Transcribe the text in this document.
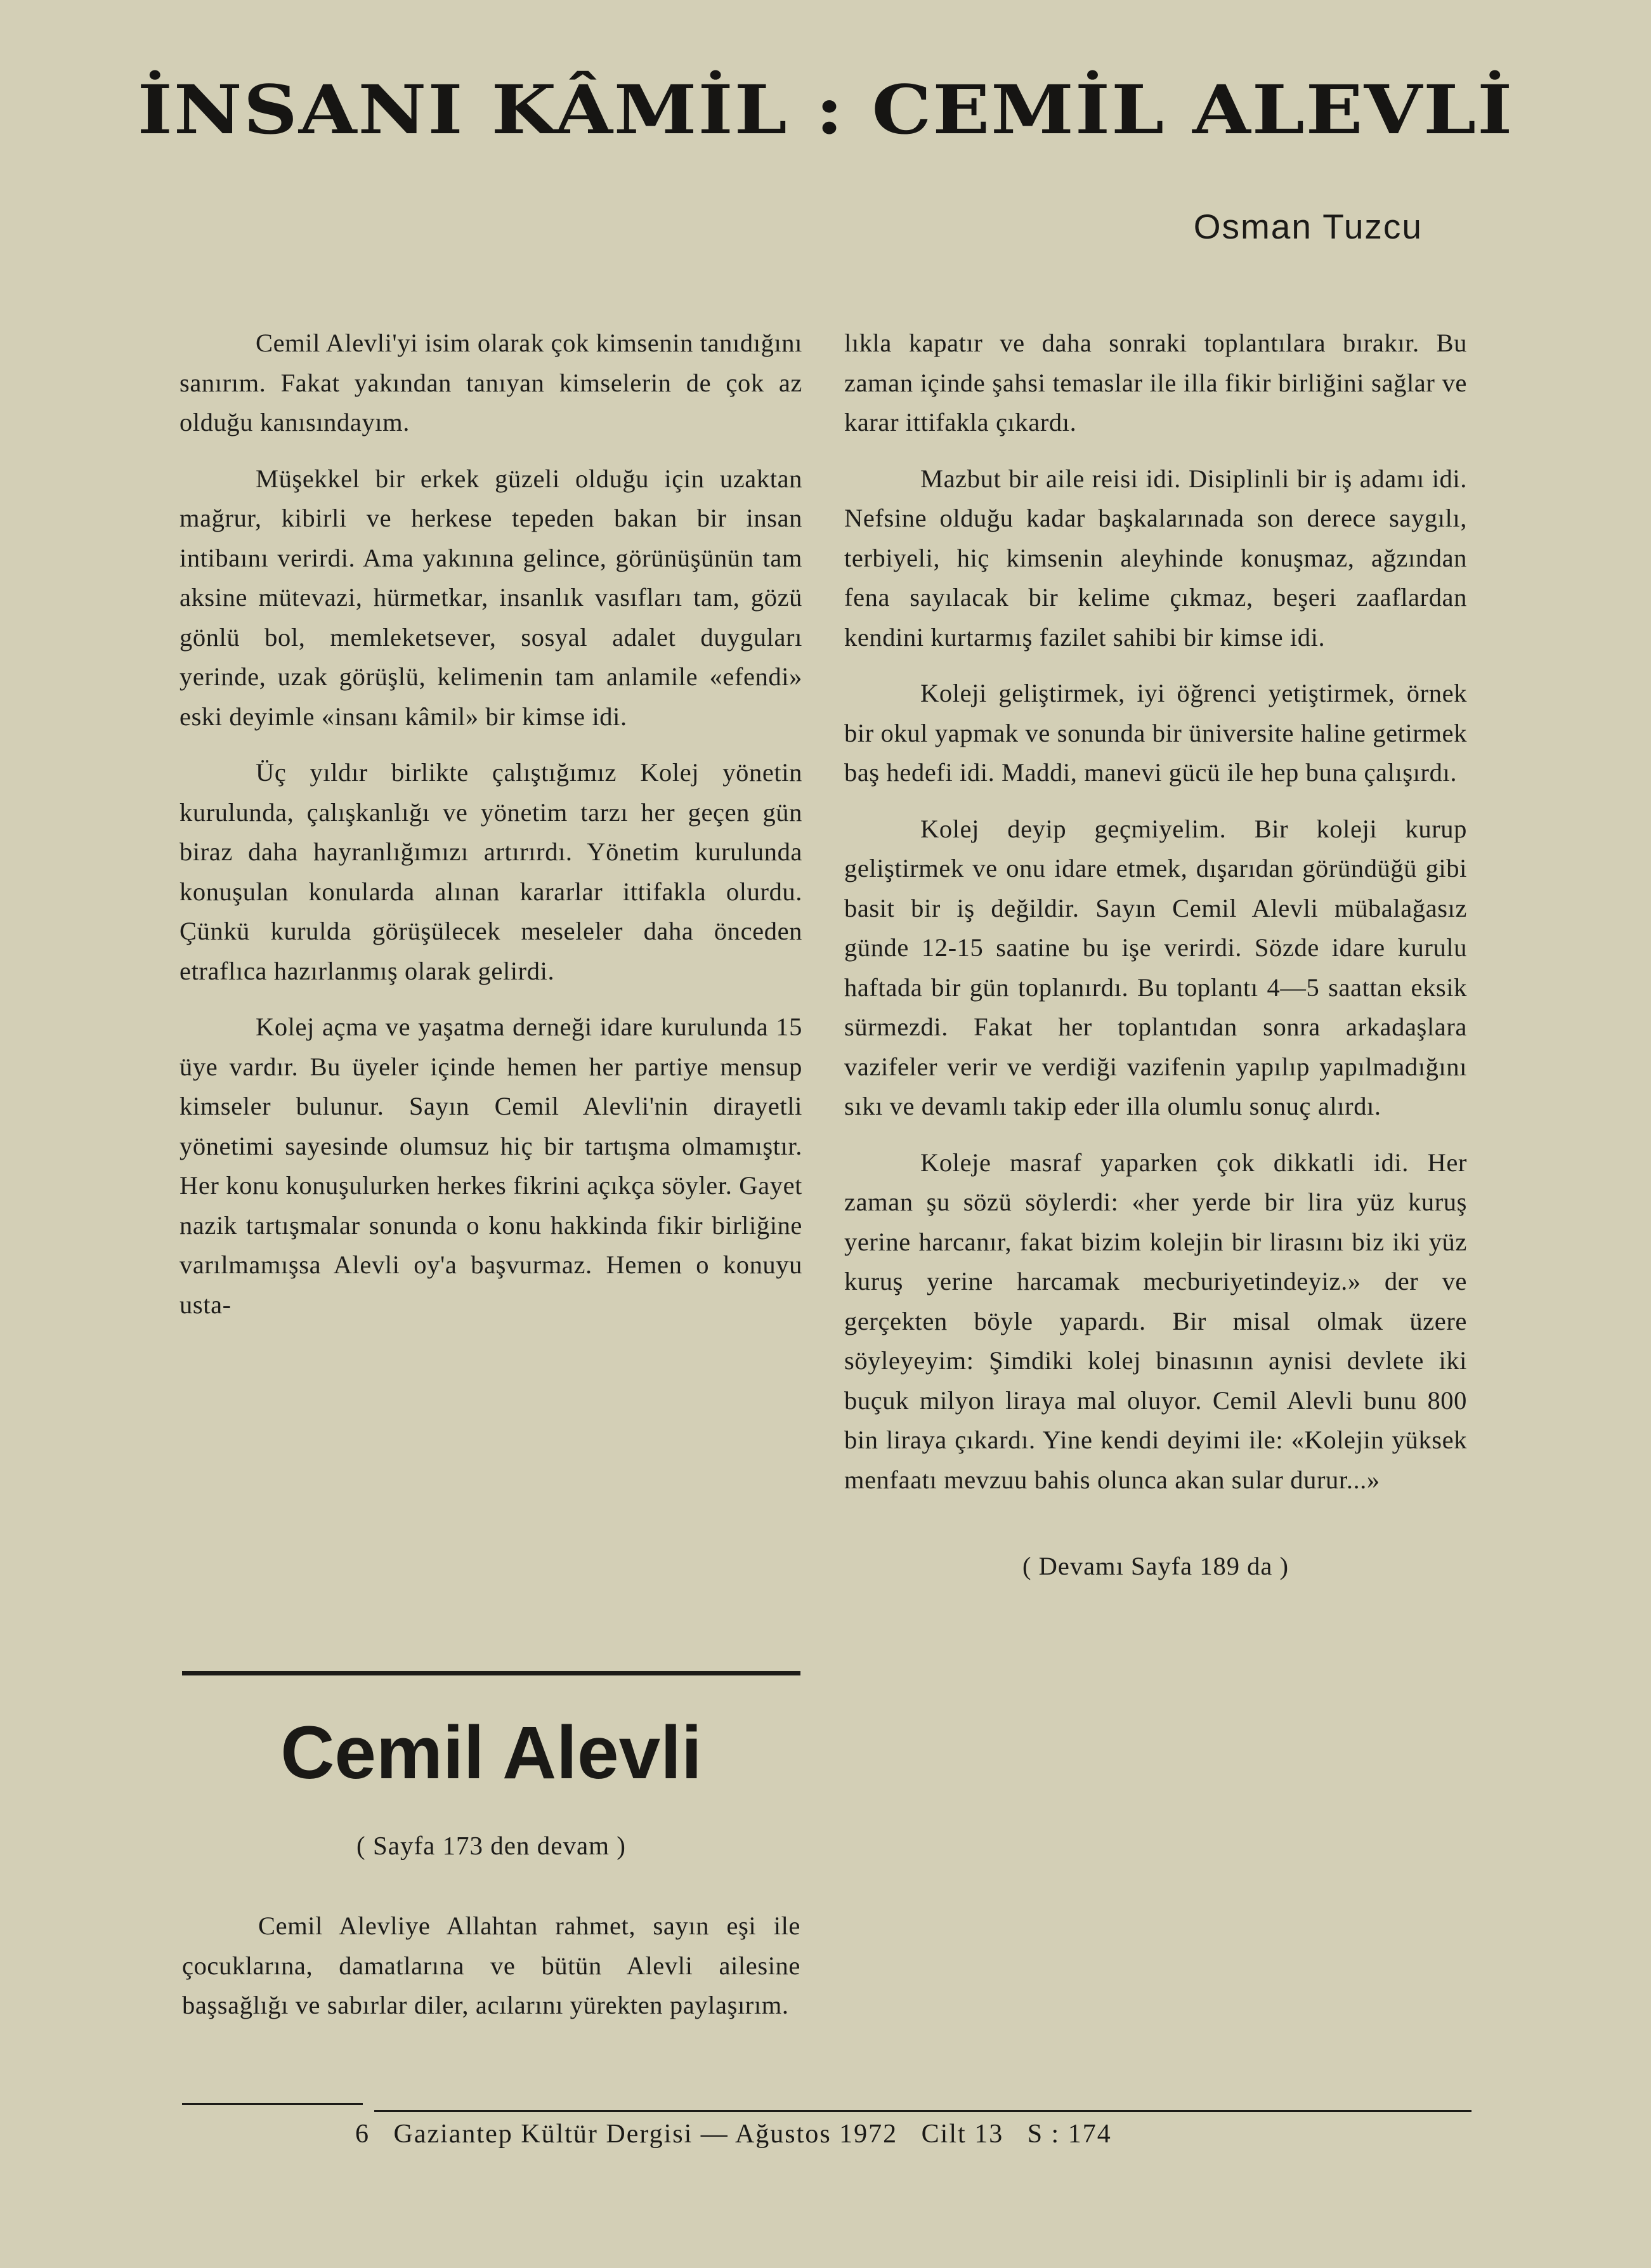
İNSANI KÂMİL : CEMİL ALEVLİ
Osman Tuzcu

Cemil Alevli'yi isim olarak çok kimsenin tanıdığını sanırım. Fakat yakından tanıyan kimselerin de çok az olduğu kanısındayım.

Müşekkel bir erkek güzeli olduğu için uzaktan mağrur, kibirli ve herkese tepeden bakan bir insan intibaını verirdi. Ama yakınına gelince, görünüşünün tam aksine mütevazi, hürmetkar, insanlık vasıfları tam, gözü gönlü bol, memleketsever, sosyal adalet duyguları yerinde, uzak görüşlü, kelimenin tam anlamile «efendi» eski deyimle «insanı kâmil» bir kimse idi.

Üç yıldır birlikte çalıştığımız Kolej yönetin kurulunda, çalışkanlığı ve yönetim tarzı her geçen gün biraz daha hayranlığımızı artırırdı. Yönetim kurulunda konuşulan konularda alınan kararlar ittifakla olurdu. Çünkü kurulda görüşülecek meseleler daha önceden etraflıca hazırlanmış olarak gelirdi.

Kolej açma ve yaşatma derneği idare kurulunda 15 üye vardır. Bu üyeler içinde hemen her partiye mensup kimseler bulunur. Sayın Cemil Alevli'nin dirayetli yönetimi sayesinde olumsuz hiç bir tartışma olmamıştır. Her konu konuşulurken herkes fikrini açıkça söyler. Gayet nazik tartışmalar sonunda o konu hakkinda fikir birliğine varılmamışsa Alevli oy'a başvurmaz. Hemen o konuyu usta-

lıkla kapatır ve daha sonraki toplantılara bırakır. Bu zaman içinde şahsi temaslar ile illa fikir birliğini sağlar ve karar ittifakla çıkardı.

Mazbut bir aile reisi idi. Disiplinli bir iş adamı idi. Nefsine olduğu kadar başkalarınada son derece saygılı, terbiyeli, hiç kimsenin aleyhinde konuşmaz, ağzından fena sayılacak bir kelime çıkmaz, beşeri zaaflardan kendini kurtarmış fazilet sahibi bir kimse idi.

Koleji geliştirmek, iyi öğrenci yetiştirmek, örnek bir okul yapmak ve sonunda bir üniversite haline getirmek baş hedefi idi. Maddi, manevi gücü ile hep buna çalışırdı.

Kolej deyip geçmiyelim. Bir koleji kurup geliştirmek ve onu idare etmek, dışarıdan göründüğü gibi basit bir iş değildir. Sayın Cemil Alevli mübalağasız günde 12-15 saatine bu işe verirdi. Sözde idare kurulu haftada bir gün toplanırdı. Bu toplantı 4—5 saattan eksik sürmezdi. Fakat her toplantıdan sonra arkadaşlara vazifeler verir ve verdiği vazifenin yapılıp yapılmadığını sıkı ve devamlı takip eder illa olumlu sonuç alırdı.

Koleje masraf yaparken çok dikkatli idi. Her zaman şu sözü söylerdi: «her yerde bir lira yüz kuruş yerine harcanır, fakat bizim kolejin bir lirasını biz iki yüz kuruş yerine harcamak mecburiyetindeyiz.» der ve gerçekten böyle yapardı. Bir misal olmak üzere söyleyeyim: Şimdiki kolej binasının aynisi devlete iki buçuk milyon liraya mal oluyor. Cemil Alevli bunu 800 bin liraya çıkardı. Yine kendi deyimi ile: «Kolejin yüksek menfaatı mevzuu bahis olunca akan sular durur...»

( Devamı Sayfa 189 da )

Cemil Alevli
( Sayfa 173 den devam )
Cemil Alevliye Allahtan rahmet, sayın eşi ile çocuklarına, damatlarına ve bütün Alevli ailesine başsağlığı ve sabırlar diler, acılarını yürekten paylaşırım.
6 Gaziantep Kültür Dergisi — Ağustos 1972 Cilt 13 S : 174
